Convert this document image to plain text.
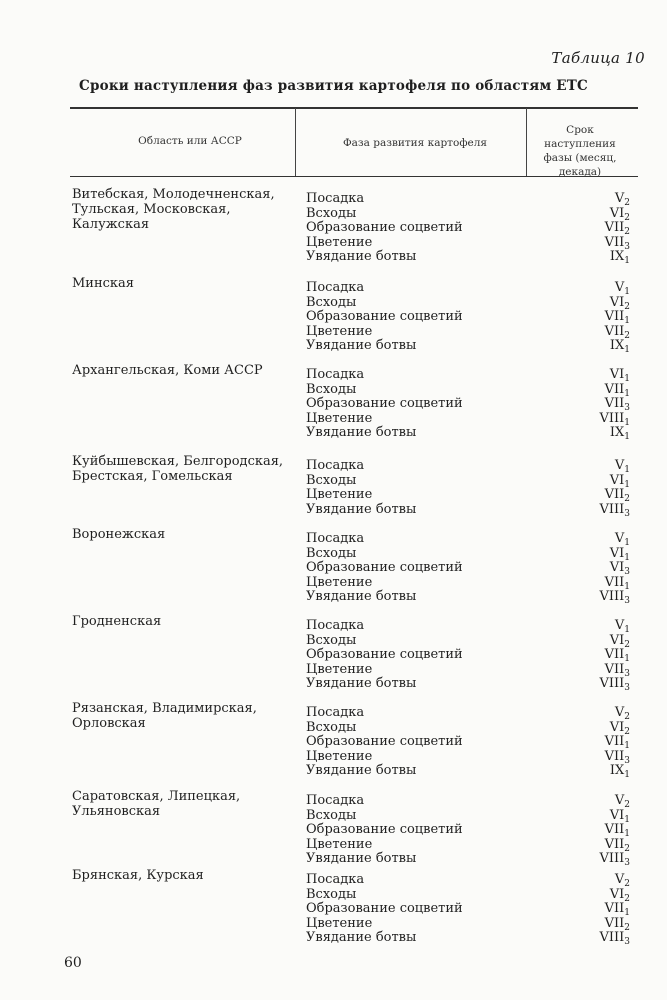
Таблица 10
Сроки наступления фаз развития картофеля по областям ЕТС
Область или АССР	Фаза развития картофеля
Срок наступления фазы (месяц, декада)
Витебская, Молодечненская, Тульская, Московская, Калужская
Посадка	$V_2$
Всходы	$VI_2$
Образование соцветий	$VII_2$
Цветение	$VII_3$
Увядание ботвы	$IX_1$
Минская	Посадка	$V_1$
Всходы	$VI_2$
Образование соцветий	$VII_1$
Цветение	$VII_2$
Увядание ботвы	$IX_1$
Архангельская, Коми АССР	Посадка	$VI_1$
Всходы	$VII_1$
Образование соцветий	$VII_3$
Цветение	$VIII_1$
Увядание ботвы	$IX_1$
Куйбышевская, Белгородская, Брестская, Гомельская
Посадка	$V_1$
Всходы	$VI_1$
Цветение	$VII_2$
Увядание ботвы	$VIII_3$
Воронежская	Посадка	$V_1$
Всходы	$VI_1$
Образование соцветий	$VI_3$
Цветение	$VII_1$
Увядание ботвы	$VIII_3$
Гродненская	Посадка	$V_1$
Всходы	$VI_2$
Образование соцветий	$VII_1$
Цветение	$VII_3$
Увядание ботвы	$VIII_3$
Рязанская, Владимирская, Орловская
Посадка	$V_2$
Всходы	$VI_2$
Образование соцветий	$VII_1$
Цветение	$VII_3$
Увядание ботвы	$IX_1$
Саратовская, Липецкая, Ульяновская
Посадка	$V_2$
Всходы	$VI_1$
Образование соцветий	$VII_1$
Цветение	$VII_2$
Увядание ботвы	$VIII_3$
Брянская, Курская	Посадка	$V_2$
Всходы	$VI_2$
Образование соцветий	$VII_1$
Цветение	$VII_2$
Увядание ботвы	$VIII_3$
60
